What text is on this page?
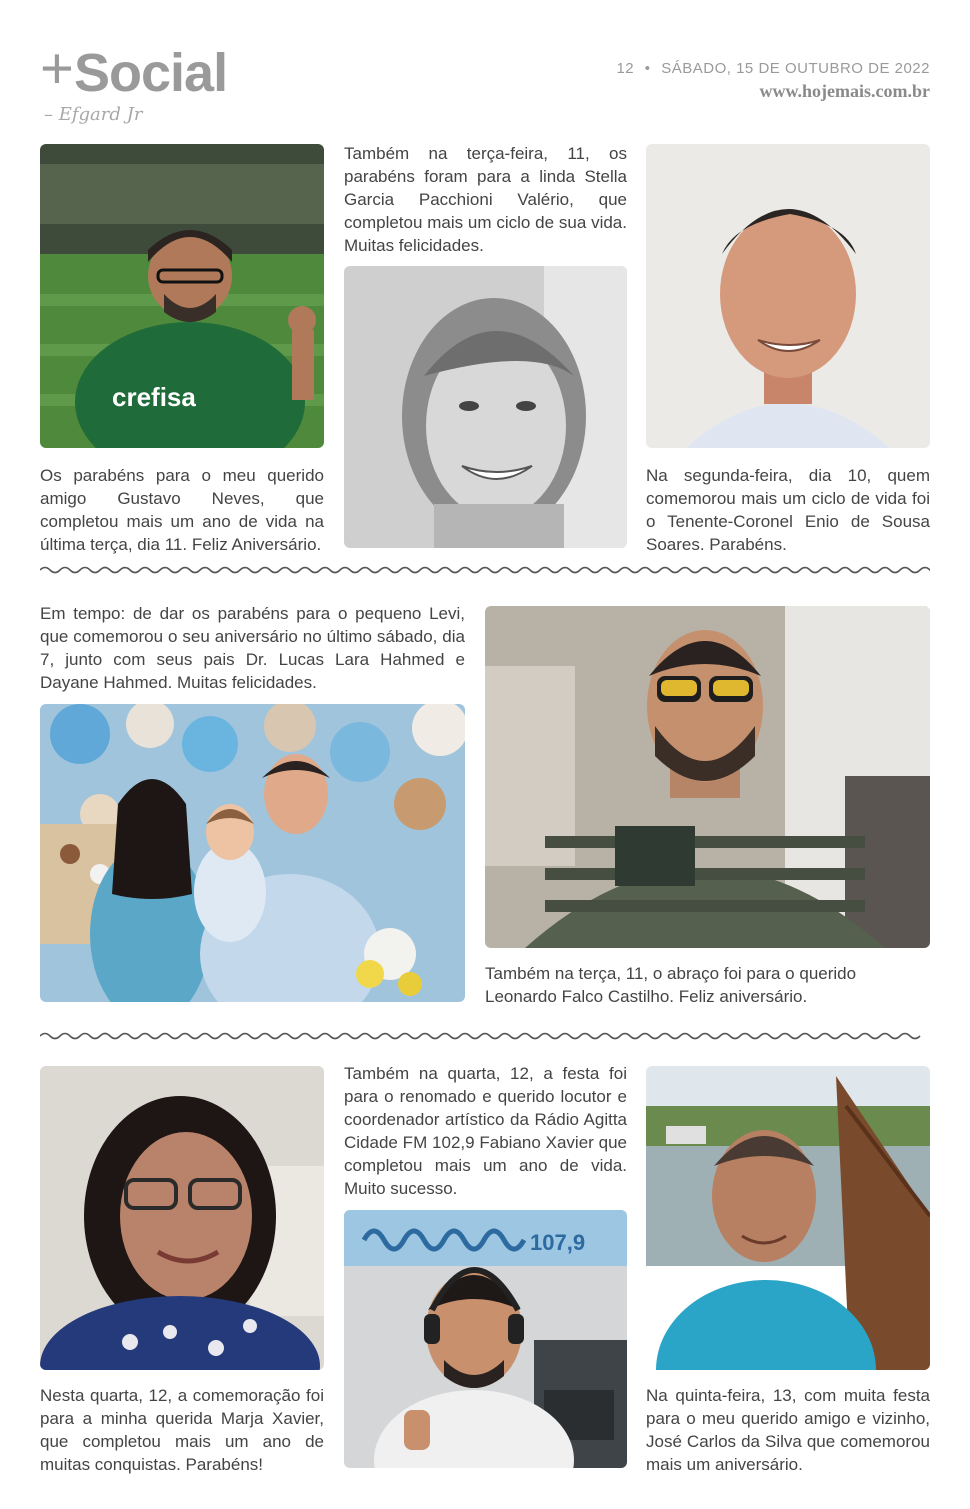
+ Social
– Efgard Jr
12 • SÁBADO, 15 DE OUTUBRO DE 2022
www.hojemais.com.br
crefisa
Os parabéns para o meu querido amigo Gustavo Neves, que completou mais um ano de vida na última terça, dia 11. Feliz Aniversário.
Também na terça-feira, 11, os parabéns foram para a linda Stella Garcia Pacchioni Valério, que completou mais um ciclo de sua vida. Muitas felicidades.
Na segunda-feira, dia 10, quem comemorou mais um ciclo de vida foi o Tenente-Coronel Enio de Sousa Soares. Parabéns.
Em tempo: de dar os parabéns para o pequeno Levi, que comemorou o seu aniversário no último sábado, dia 7, junto com seus pais Dr. Lucas Lara Hahmed e Dayane Hahmed. Muitas felicidades.
Também na terça, 11, o abraço foi para o querido Leonardo Falco Castilho. Feliz aniversário.
Nesta quarta, 12, a comemoração foi para a minha querida Marja Xavier, que completou mais um ano de muitas conquistas. Parabéns!
Também na quarta, 12, a festa foi para o renomado e querido locutor e coordenador artístico da Rádio Agitta Cidade FM 102,9 Fabiano Xavier que completou mais um ano de vida. Muito sucesso.
107,9
Na quinta-feira, 13, com muita festa para o meu querido amigo e vizinho, José Carlos da Silva que comemorou mais um aniversário.
